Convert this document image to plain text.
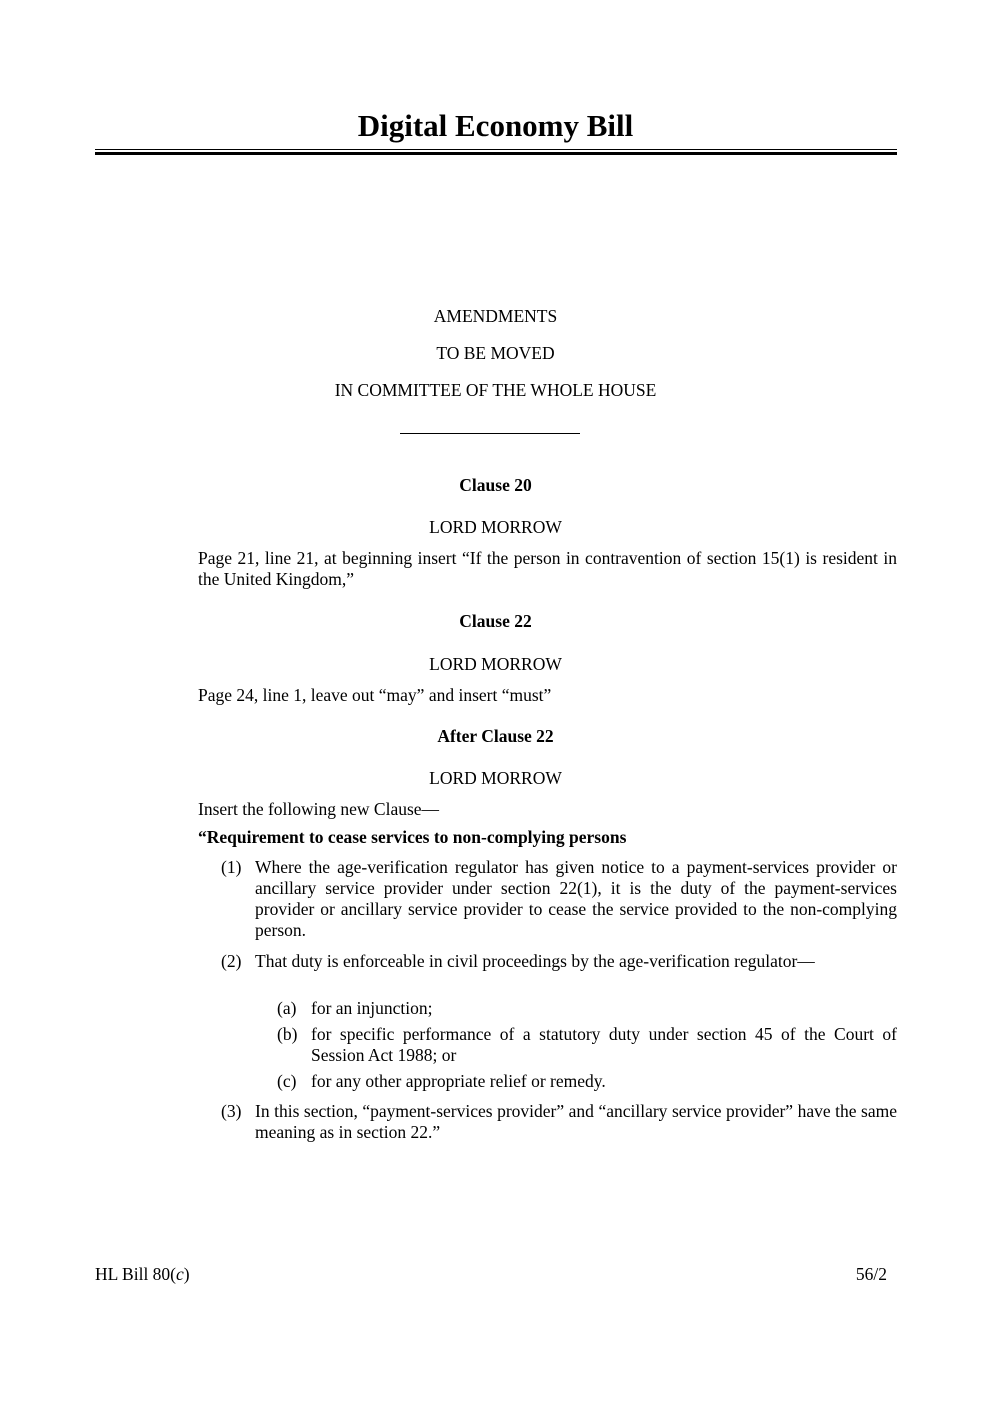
Digital Economy Bill
AMENDMENTS
TO BE MOVED
IN COMMITTEE OF THE WHOLE HOUSE
Clause 20
LORD MORROW
Page 21, line 21, at beginning insert “If the person in contravention of section 15(1) is resident in the United Kingdom,”
Clause 22
LORD MORROW
Page 24, line 1, leave out “may” and insert “must”
After Clause 22
LORD MORROW
Insert the following new Clause—
“Requirement to cease services to non-complying persons
(1) Where the age-verification regulator has given notice to a payment-services provider or ancillary service provider under section 22(1), it is the duty of the payment-services provider or ancillary service provider to cease the service provided to the non-complying person.
(2) That duty is enforceable in civil proceedings by the age-verification regulator—
(a) for an injunction;
(b) for specific performance of a statutory duty under section 45 of the Court of Session Act 1988; or
(c) for any other appropriate relief or remedy.
(3) In this section, “payment-services provider” and “ancillary service provider” have the same meaning as in section 22.”
HL Bill 80(c)	56/2
